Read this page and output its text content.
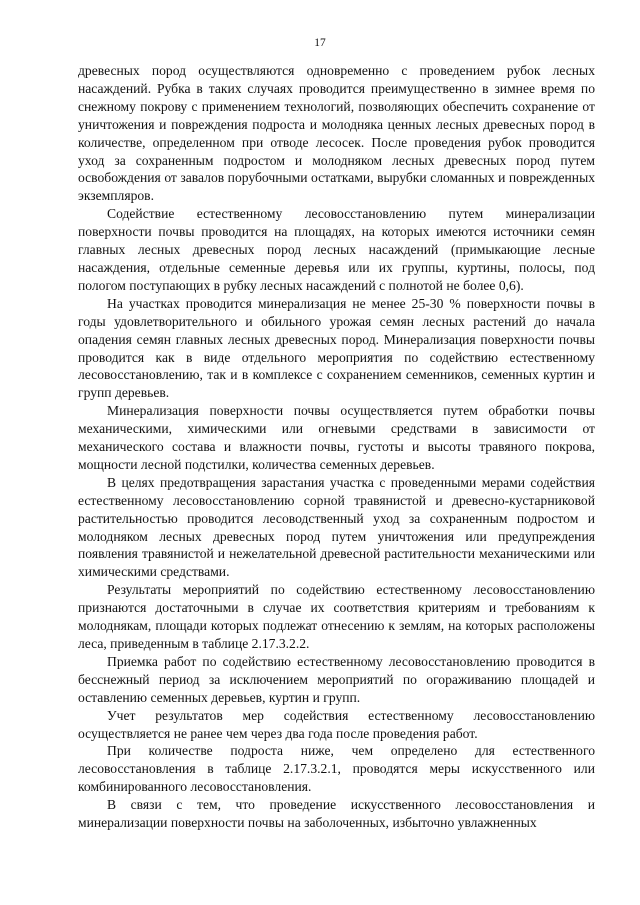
17

древесных пород осуществляются одновременно с проведением рубок лесных насаждений. Рубка в таких случаях проводится преимущественно в зимнее время по снежному покрову с применением технологий, позволяющих обеспечить сохранение от уничтожения и повреждения подроста и молодняка ценных лесных древесных пород в количестве, определенном при отводе лесосек. После проведения рубок проводится уход за сохраненным подростом и молодняком лесных древесных пород путем освобождения от завалов порубочными остатками, вырубки сломанных и поврежденных экземпляров.

Содействие естественному лесовосстановлению путем минерализации поверхности почвы проводится на площадях, на которых имеются источники семян главных лесных древесных пород лесных насаждений (примыкающие лесные насаждения, отдельные семенные деревья или их группы, куртины, полосы, под пологом поступающих в рубку лесных насаждений с полнотой не более 0,6).

На участках проводится минерализация не менее 25-30 % поверхности почвы в годы удовлетворительного и обильного урожая семян лесных растений до начала опадения семян главных лесных древесных пород. Минерализация поверхности почвы проводится как в виде отдельного мероприятия по содействию естественному лесовосстановлению, так и в комплексе с сохранением семенников, семенных куртин и групп деревьев.

Минерализация поверхности почвы осуществляется путем обработки почвы механическими, химическими или огневыми средствами в зависимости от механического состава и влажности почвы, густоты и высоты травяного покрова, мощности лесной подстилки, количества семенных деревьев.

В целях предотвращения зарастания участка с проведенными мерами содействия естественному лесовосстановлению сорной травянистой и древесно-кустарниковой растительностью проводится лесоводственный уход за сохраненным подростом и молодняком лесных древесных пород путем уничтожения или предупреждения появления травянистой и нежелательной древесной растительности механическими или химическими средствами.

Результаты мероприятий по содействию естественному лесовосстановлению признаются достаточными в случае их соответствия критериям и требованиям к молоднякам, площади которых подлежат отнесению к землям, на которых расположены леса, приведенным в таблице 2.17.3.2.2.

Приемка работ по содействию естественному лесовосстановлению проводится в бесснежный период за исключением мероприятий по огораживанию площадей и оставлению семенных деревьев, куртин и групп.

Учет результатов мер содействия естественному лесовосстановлению осуществляется не ранее чем через два года после проведения работ.

При количестве подроста ниже, чем определено для естественного лесовосстановления в таблице 2.17.3.2.1, проводятся меры искусственного или комбинированного лесовосстановления.

В связи с тем, что проведение искусственного лесовосстановления и минерализации поверхности почвы на заболоченных, избыточно увлажненных
